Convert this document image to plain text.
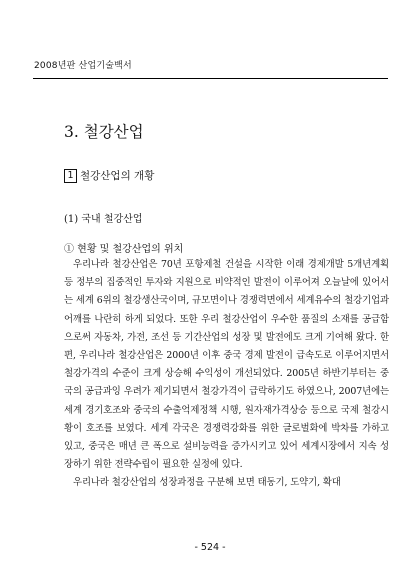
2008년판 산업기술백서
3. 철강산업
1 철강산업의 개황
(1) 국내 철강산업
① 현황 및 철강산업의 위치

우리나라 철강산업은 70년 포항제철 건설을 시작한 이래 경제개발 5개년계획 등 정부의 집중적인 투자와 지원으로 비약적인 발전이 이루어져 오늘날에 있어서는 세계 6위의 철강생산국이며, 규모면이나 경쟁력면에서 세계유수의 철강기업과 어깨를 나란히 하게 되었다. 또한 우리 철강산업이 우수한 품질의 소재를 공급함으로써 자동차, 가전, 조선 등 기간산업의 성장 및 발전에도 크게 기여해 왔다. 한편, 우리나라 철강산업은 2000년 이후 중국 경제 발전이 급속도로 이루어지면서 철강가격의 수준이 크게 상승해 수익성이 개선되었다. 2005년 하반기부터는 중국의 공급과잉 우려가 제기되면서 철강가격이 급락하기도 하였으나, 2007년에는 세계 경기호조와 중국의 수출억제정책 시행, 원자재가격상승 등으로 국제 철강시황이 호조를 보였다. 세계 각국은 경쟁력강화를 위한 글로벌화에 박차를 가하고 있고, 중국은 매년 큰 폭으로 설비능력을 증가시키고 있어 세계시장에서 지속 성장하기 위한 전략수립이 필요한 실정에 있다.

우리나라 철강산업의 성장과정을 구분해 보면 태동기, 도약기, 확대

- 524 -
